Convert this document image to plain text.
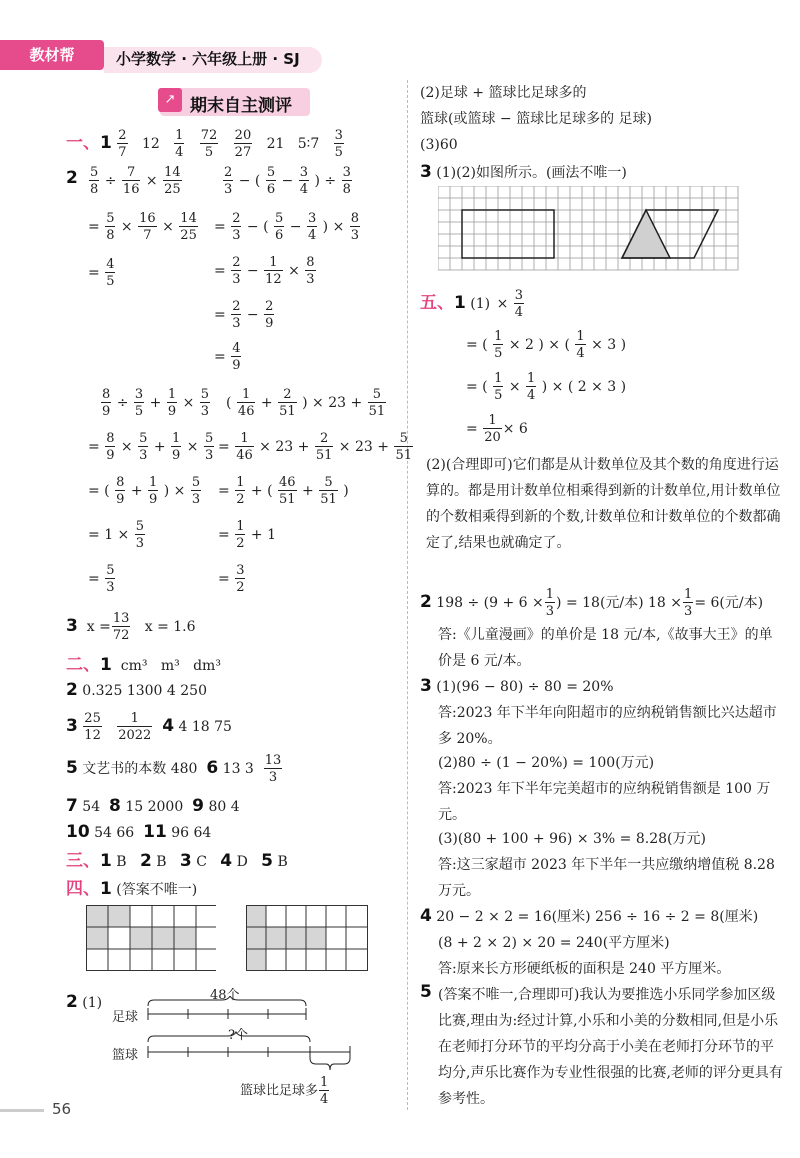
教材帮	小学数学 · 六年级上册 · SJ
↗ 期末自主测评
一、$1 \frac{2}{7} 12 \frac{1}{4}$
$\frac{72}{5}$
$\frac{20}{27} 21$ 5∶7 $\frac{3}{5}$
$2 \frac{5}{8} \div \frac{7}{16} \times \frac{14}{25}$
= $\frac{5}{8} \times \frac{16}{7} \times \frac{14}{25}$
= $\frac{4}{5}$
$\frac{2}{3}$ − ( $\frac{5}{6} - \frac{3}{4}$ ) ÷ $\frac{3}{8}$
= $\frac{2}{3}$ − ( $\frac{5}{6} - \frac{3}{4}$ ) × $\frac{8}{3}$
= $\frac{2}{3} - \frac{1}{12} \times \frac{8}{3}$
= $\frac{2}{3} - \frac{2}{9}$
= $\frac{4}{9}$
$\frac{8}{9} \div \frac{3}{5} + \frac{1}{9} \times \frac{5}{3}$
= $\frac{8}{9} \times \frac{5}{3} + \frac{1}{9} \times \frac{5}{3}$
= ( $\frac{8}{9} + \frac{1}{9}$ ) × $\frac{5}{3}$
= $1 \times \frac{5}{3}$
= $\frac{5}{3}$
( $\frac{1}{46} + \frac{2}{51}$ ) × $23 + \frac{5}{51}$
= $\frac{1}{46} \times 23 + \frac{2}{51} \times 23 + \frac{5}{51}$
= $\frac{1}{2}$ + ( $\frac{46}{51} + \frac{5}{51}$ )
= $\frac{1}{2} + 1$
= $\frac{3}{2}$
3 $x = \frac{13}{72}$ x = 1.6
二、1 cm³ m³ dm³
2 0.325 1300 4 250
$3 \frac{25}{12}$
$\frac{1}{2022} 4$ 4 18 75
5 文艺书的本数 480 6 13 $3 \frac{13}{3}$
7 54 8 15 2000 9 80 4
10 54 66 11 96 64
三、1 B 2 B 3 C 4 D 5 B
四、1 (答案不唯一)
2 (1)
足球
篮球
48个
?个
篮球比足球多 $\frac{1}{4}$
(2)足球 + 篮球比足球多的
篮球(或篮球 − 篮球比足球多的 足球)
(3)60
3 (1)(2)如图所示。(画法不唯一)
五、1 $(1) \times \frac{3}{4}$
= ( $\frac{1}{5} \times 2$ ) × ( $\frac{1}{4} \times 3$ )
= ( $\frac{1}{5} \times \frac{1}{4}$ ) × ( 2 × 3 )
= $\frac{1}{20} \times 6$
(2)(合理即可)它们都是从计数单位及其个数的角度进行运算的。都是用计数单位相乘得到新的计数单位,用计数单位的个数相乘得到新的个数,计数单位和计数单位的个数都确定了,结果也就确定了。
2 $198 \div (9 + 6 \times \frac{1}{3}$ ) = 18(元/本) $18 \times \frac{1}{3} = 6$(元/本)
答:《儿童漫画》的单价是 18 元/本,《故事大王》的单价是 6 元/本。
3 (1)(96 − 80) ÷ 80 = 20%
答:2023 年下半年向阳超市的应纳税销售额比兴达超市多 20%。
(2)80 ÷ (1 − 20%) = 100(万元)
答:2023 年下半年完美超市的应纳税销售额是 100 万元。
(3)(80 + 100 + 96) × 3% = 8.28(万元)
答:这三家超市 2023 年下半年一共应缴纳增值税 8.28 万元。
4 20 − 2 × 2 = 16(厘米) 256 ÷ 16 ÷ 2 = 8(厘米)
(8 + 2 × 2) × 20 = 240(平方厘米)
答:原来长方形硬纸板的面积是 240 平方厘米。
5 (答案不唯一,合理即可)我认为要推选小乐同学参加区级比赛,理由为:经过计算,小乐和小美的分数相同,但是小乐在老师打分环节的平均分高于小美在老师打分环节的平均分,声乐比赛作为专业性很强的比赛,老师的评分更具有参考性。
56
